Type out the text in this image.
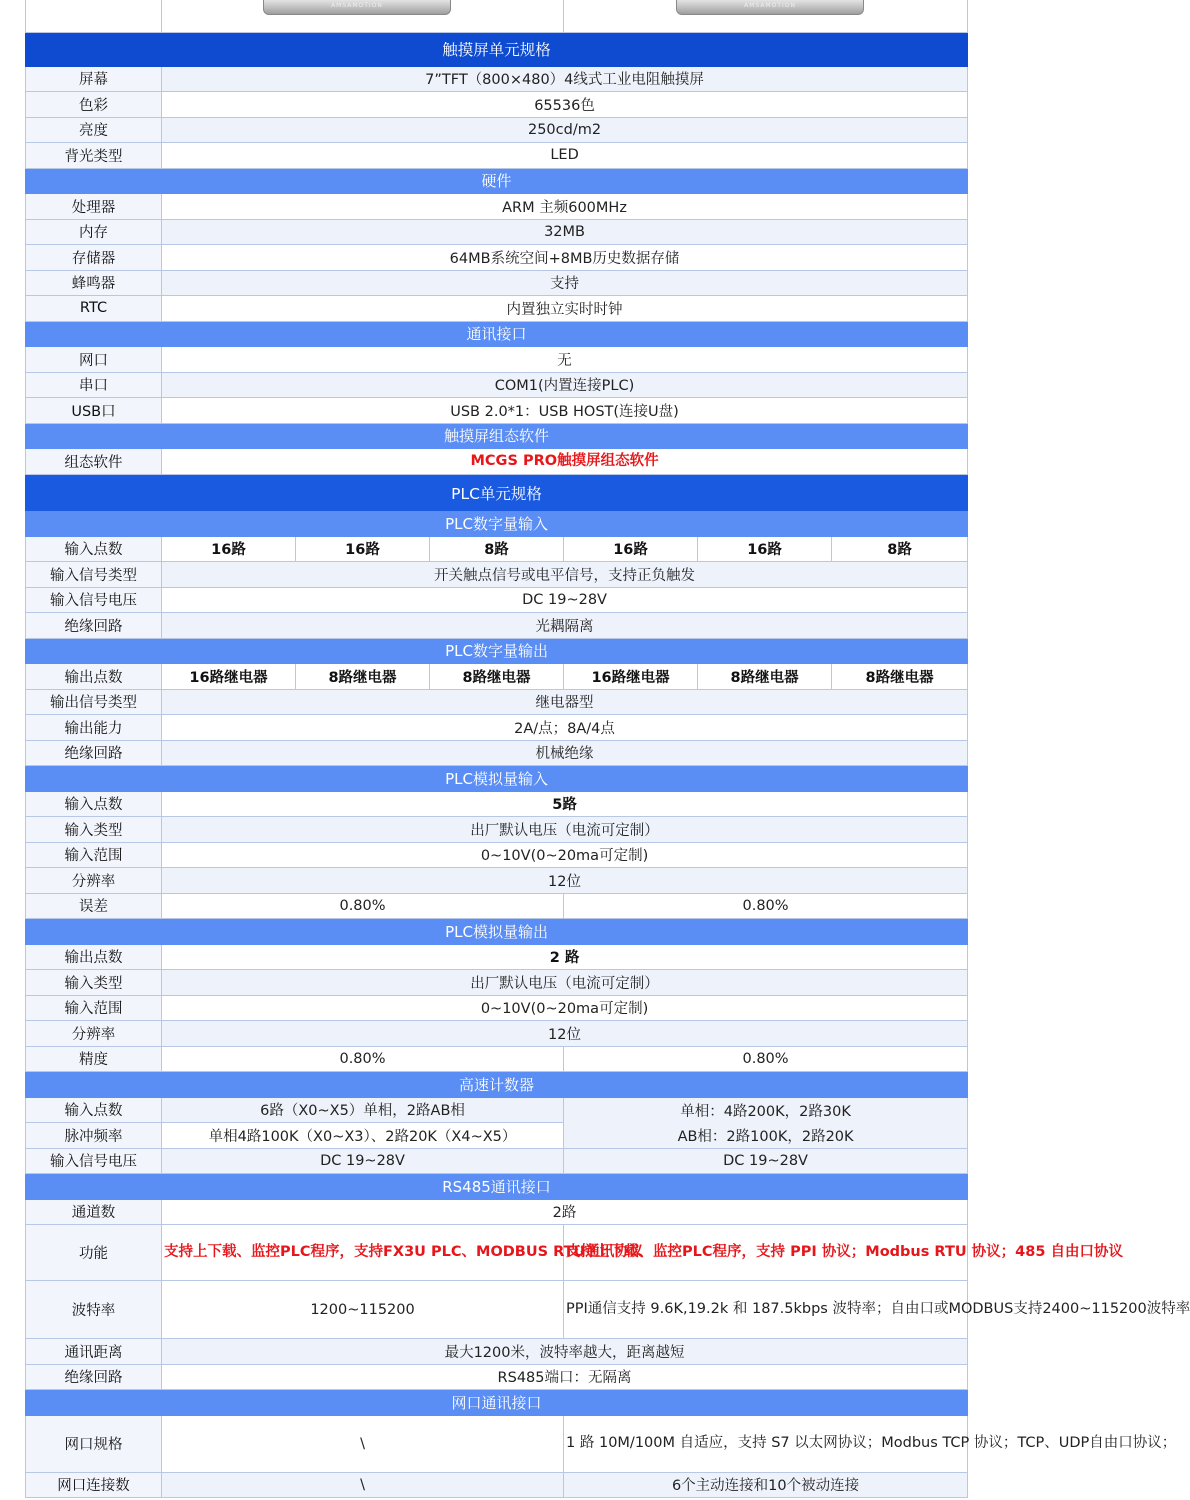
	AMSAMOTION			AMSAMOTION		

触摸屏单元规格						
屏幕	7”TFT（800×480）4线式工业电阻触摸屏					
色彩	65536色					
亮度	250cd/m2					
背光类型	LED					
硬件						
处理器	ARM 主频600MHz					
内存	32MB					
存储器	64MB系统空间+8MB历史数据存储					
蜂鸣器	支持					
RTC	内置独立实时时钟					
通讯接口						
网口	无					
串口	COM1(内置连接PLC)					
USB口	USB 2.0*1：USB HOST(连接U盘)					
触摸屏组态软件						
组态软件	MCGS PRO触摸屏组态软件					
PLC单元规格						
PLC数字量输入						
输入点数	16路	16路	8路	16路	16路	8路
输入信号类型	开关触点信号或电平信号，支持正负触发					
输入信号电压	DC 19~28V					
绝缘回路	光耦隔离					
PLC数字量输出						
输出点数	16路继电器	8路继电器	8路继电器	16路继电器	8路继电器	8路继电器
输出信号类型	继电器型					
输出能力	2A/点；8A/4点					
绝缘回路	机械绝缘					
PLC模拟量输入						
输入点数	5路					
输入类型	出厂默认电压（电流可定制）					
输入范围	0~10V(0~20ma可定制)					
分辨率	12位					
误差	0.80%			0.80%		
PLC模拟量输出						
输出点数	2 路					
输入类型	出厂默认电压（电流可定制）					
输入范围	0~10V(0~20ma可定制)					
分辨率	12位					
精度	0.80%			0.80%		
高速计数器						
输入点数	6路（X0~X5）单相，2路AB相			单相：4路200K，2路30K
AB相：2路100K，2路20K		

脉冲频率	单相4路100K（X0~X3）、2路20K（X4~X5）					
输入信号电压	DC 19~28V			DC 19~28V		
RS485通讯接口						
通道数	2路					
功能	支持上下载、监控PLC程序，支持FX3U PLC、MODBUS RTU通讯协议			支持上下载、监控PLC程序，支持 PPI 协议；Modbus RTU 协议；485 自由口协议		
波特率	1200~115200			PPI通信支持 9.6K,19.2k 和 187.5kbps 波特率；自由口或MODBUS支持2400~115200波特率		
通讯距离	最大1200米，波特率越大，距离越短					
绝缘回路	RS485端口：无隔离					
网口通讯接口						
网口规格	\			1 路 10M/100M 自适应，支持 S7 以太网协议；Modbus TCP 协议；TCP、UDP自由口协议；		
网口连接数	\			6个主动连接和10个被动连接		
